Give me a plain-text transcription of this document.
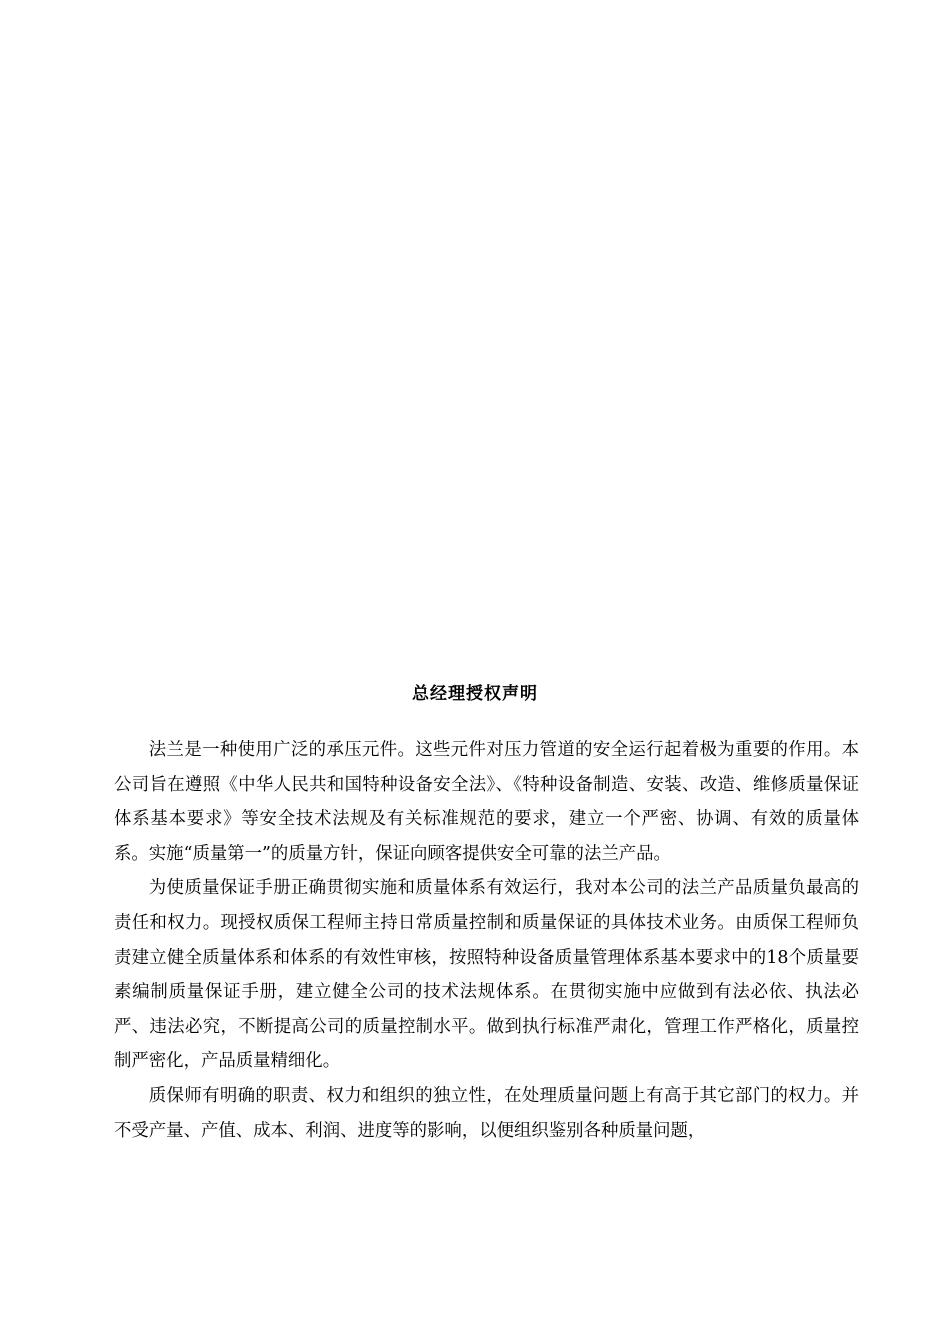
总经理授权声明

法兰是一种使用广泛的承压元件。这些元件对压力管道的安全运行起着极为重要的作用。本公司旨在遵照《中华人民共和国特种设备安全法》、《特种设备制造、安装、改造、维修质量保证体系基本要求》等安全技术法规及有关标准规范的要求，建立一个严密、协调、有效的质量体系。实施“质量第一”的质量方针，保证向顾客提供安全可靠的法兰产品。

为使质量保证手册正确贯彻实施和质量体系有效运行，我对本公司的法兰产品质量负最高的责任和权力。现授权质保工程师主持日常质量控制和质量保证的具体技术业务。由质保工程师负责建立健全质量体系和体系的有效性审核，按照特种设备质量管理体系基本要求中的18个质量要素编制质量保证手册，建立健全公司的技术法规体系。在贯彻实施中应做到有法必依、执法必严、违法必究，不断提高公司的质量控制水平。做到执行标准严肃化，管理工作严格化，质量控制严密化，产品质量精细化。

质保师有明确的职责、权力和组织的独立性，在处理质量问题上有高于其它部门的权力。并不受产量、产值、成本、利润、进度等的影响，以便组织鉴别各种质量问题，
